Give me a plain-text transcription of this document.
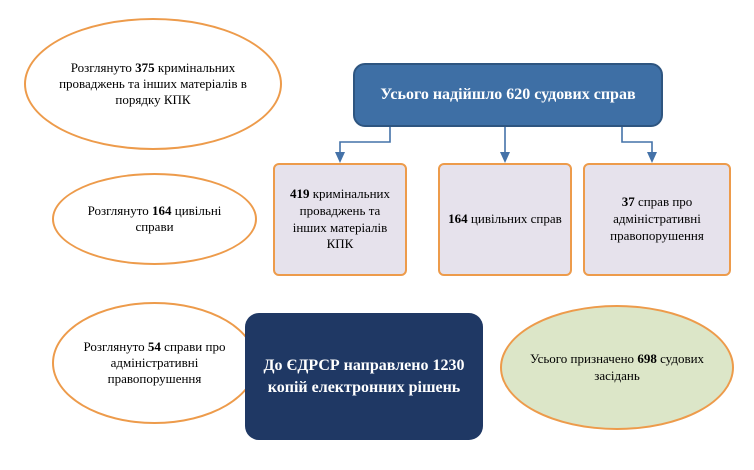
Усього надійшло 620 судових справ
419 кримінальних проваджень та інших матеріалів КПК
164 цивільних справ
37 справ про адміністративні правопорушення
Розглянуто 375 кримінальних проваджень та інших матеріалів в порядку КПК
Розглянуто 164 цивільні справи
Розглянуто 54 справи про адміністративні правопорушення
До ЄДРСР направлено 1230 копій електронних рішень
Усього призначено 698 судових засідань
